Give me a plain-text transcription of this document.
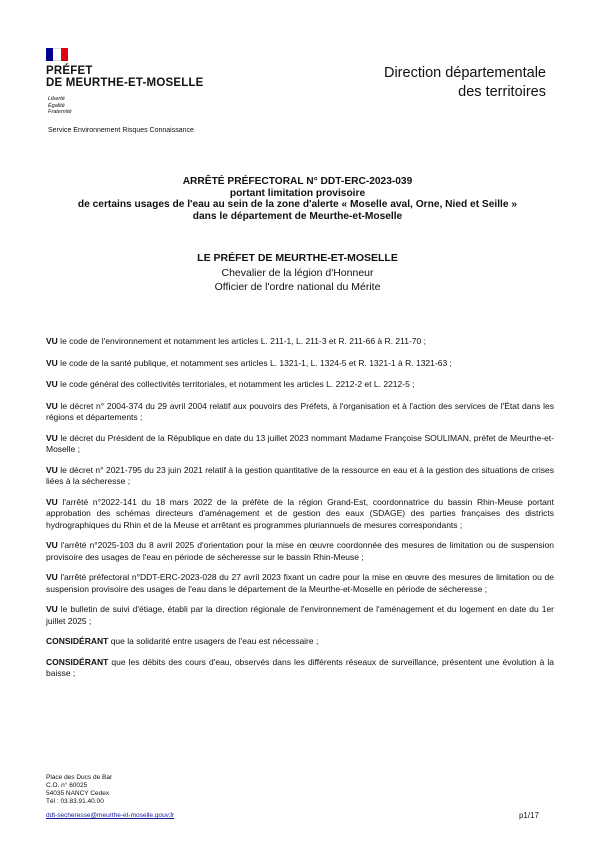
PRÉFET
DE MEURTHE-ET-MOSELLE
Liberté
Égalité
Fraternité
Service Environnement Risques Connaissance
Direction départementale
des territoires
ARRÊTÉ PRÉFECTORAL N° DDT-ERC-2023-039
portant limitation provisoire
de certains usages de l'eau au sein de la zone d'alerte « Moselle aval, Orne, Nied et Seille »
dans le département de Meurthe-et-Moselle
LE PRÉFET DE MEURTHE-ET-MOSELLE
Chevalier de la légion d'Honneur
Officier de l'ordre national du Mérite

VU le code de l'environnement et notamment les articles L. 211-1, L. 211-3 et R. 211-66 à R. 211-70 ;

VU le code de la santé publique, et notamment ses articles L. 1321-1, L. 1324-5 et R. 1321-1 à R. 1321-63 ;

VU le code général des collectivités territoriales, et notamment les articles L. 2212-2 et L. 2212-5 ;

VU le décret n° 2004-374 du 29 avril 2004 relatif aux pouvoirs des Préfets, à l'organisation et à l'action des services de l'État dans les régions et départements ;

VU le décret du Président de la République en date du 13 juillet 2023 nommant Madame Françoise SOULIMAN, préfet de Meurthe-et-Moselle ;

VU le décret n° 2021-795 du 23 juin 2021 relatif à la gestion quantitative de la ressource en eau et à la gestion des situations de crises liées à la sécheresse ;

VU l'arrêté n°2022-141 du 18 mars 2022 de la préfète de la région Grand-Est, coordonnatrice du bassin Rhin-Meuse portant approbation des schémas directeurs d'aménagement et de gestion des eaux (SDAGE) des parties françaises des districts hydrographiques du Rhin et de la Meuse et arrêtant es programmes pluriannuels de mesures correspondants ;

VU l'arrêté n°2025-103 du 8 avril 2025 d'orientation pour la mise en œuvre coordonnée des mesures de limitation ou de suspension provisoire des usages de l'eau en période de sécheresse sur le bassin Rhin-Meuse ;

VU l'arrêté préfectoral n°DDT-ERC-2023-028 du 27 avril 2023 fixant un cadre pour la mise en œuvre des mesures de limitation ou de suspension provisoire des usages de l'eau dans le département de la Meurthe-et-Moselle en période de sécheresse ;

VU le bulletin de suivi d'étiage, établi par la direction régionale de l'environnement de l'aménagement et du logement en date du 1er juillet 2025 ;

CONSIDÉRANT que la solidarité entre usagers de l'eau est nécessaire ;

CONSIDÉRANT que les débits des cours d'eau, observés dans les différents réseaux de surveillance, présentent une évolution à la baisse ;

Place des Ducs de Bar
C.O. n° 60025
54035 NANCY Cedex
Tél : 03.83.91.40.00
ddt-secheresse@meurthe-et-moselle.gouv.fr	p1/17
